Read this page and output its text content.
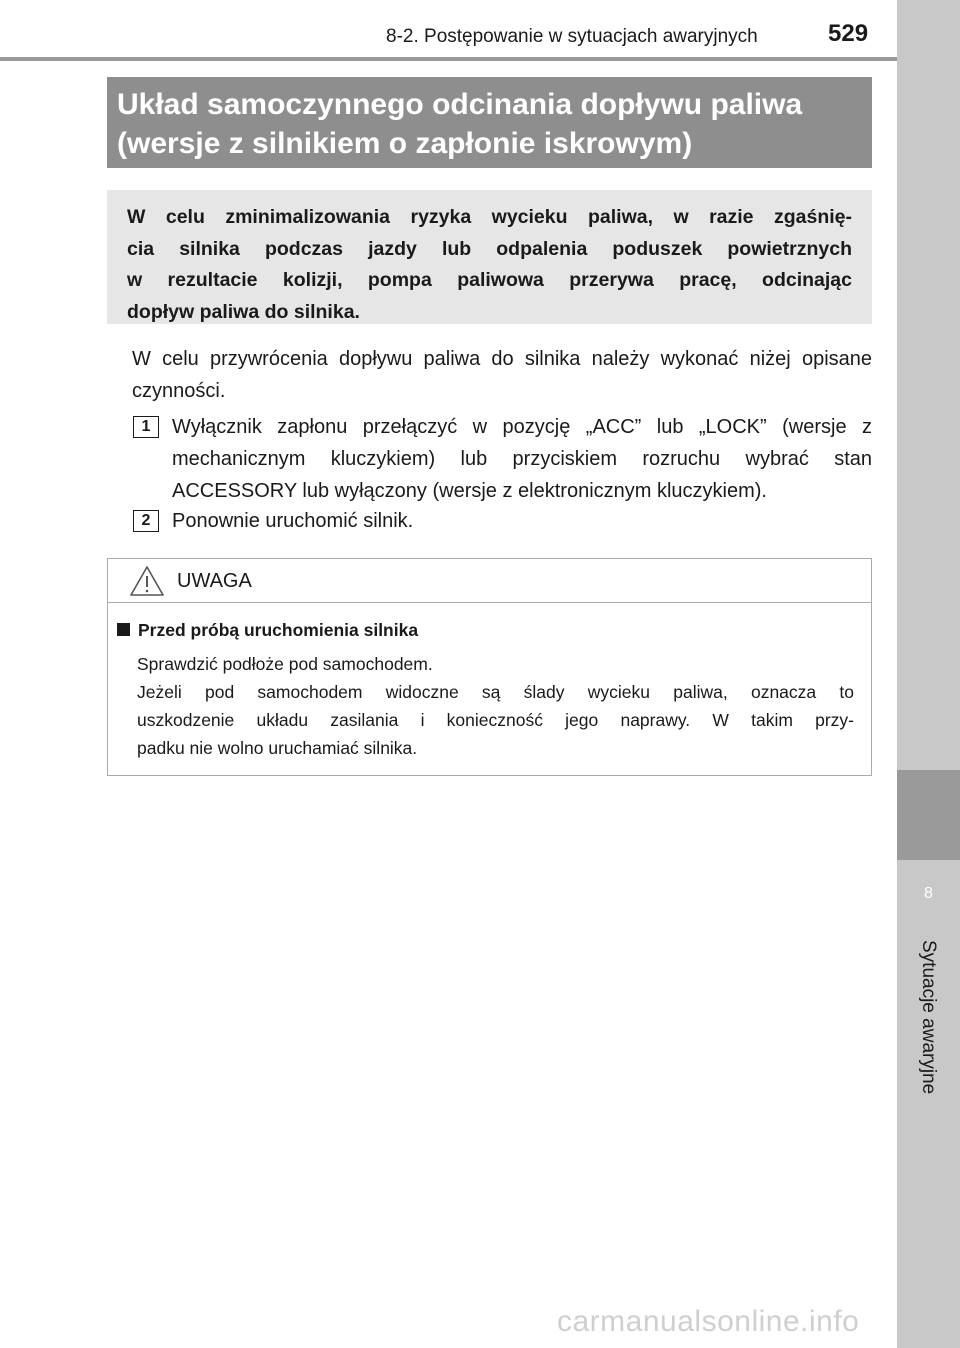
8
Sytuacje awaryjne
8-2. Postępowanie w sytuacjach awaryjnych	529
Układ samoczynnego odcinania dopływu paliwa
(wersje z silnikiem o zapłonie iskrowym)

W celu zminimalizowania ryzyka wycieku paliwa, w razie zgaśnię-

cia silnika podczas jazdy lub odpalenia poduszek powietrznych

w rezultacie kolizji, pompa paliwowa przerywa pracę, odcinając

dopływ paliwa do silnika.

W celu przywrócenia dopływu paliwa do silnika należy wykonać niżej opisane czynności.

1	Wyłącznik zapłonu przełączyć w pozycję „ACC” lub „LOCK” (wersje z mechanicznym kluczykiem) lub przyciskiem rozruchu wybrać stan ACCESSORY lub wyłączony (wersje z elektronicznym kluczykiem).

2	Ponownie uruchomić silnik.

UWAGA
Przed próbą uruchomienia silnika
Sprawdzić podłoże pod samochodem.
Jeżeli pod samochodem widoczne są ślady wycieku paliwa, oznacza to
uszkodzenie układu zasilania i konieczność jego naprawy. W takim przy-
padku nie wolno uruchamiać silnika.
carmanualsonline.info
